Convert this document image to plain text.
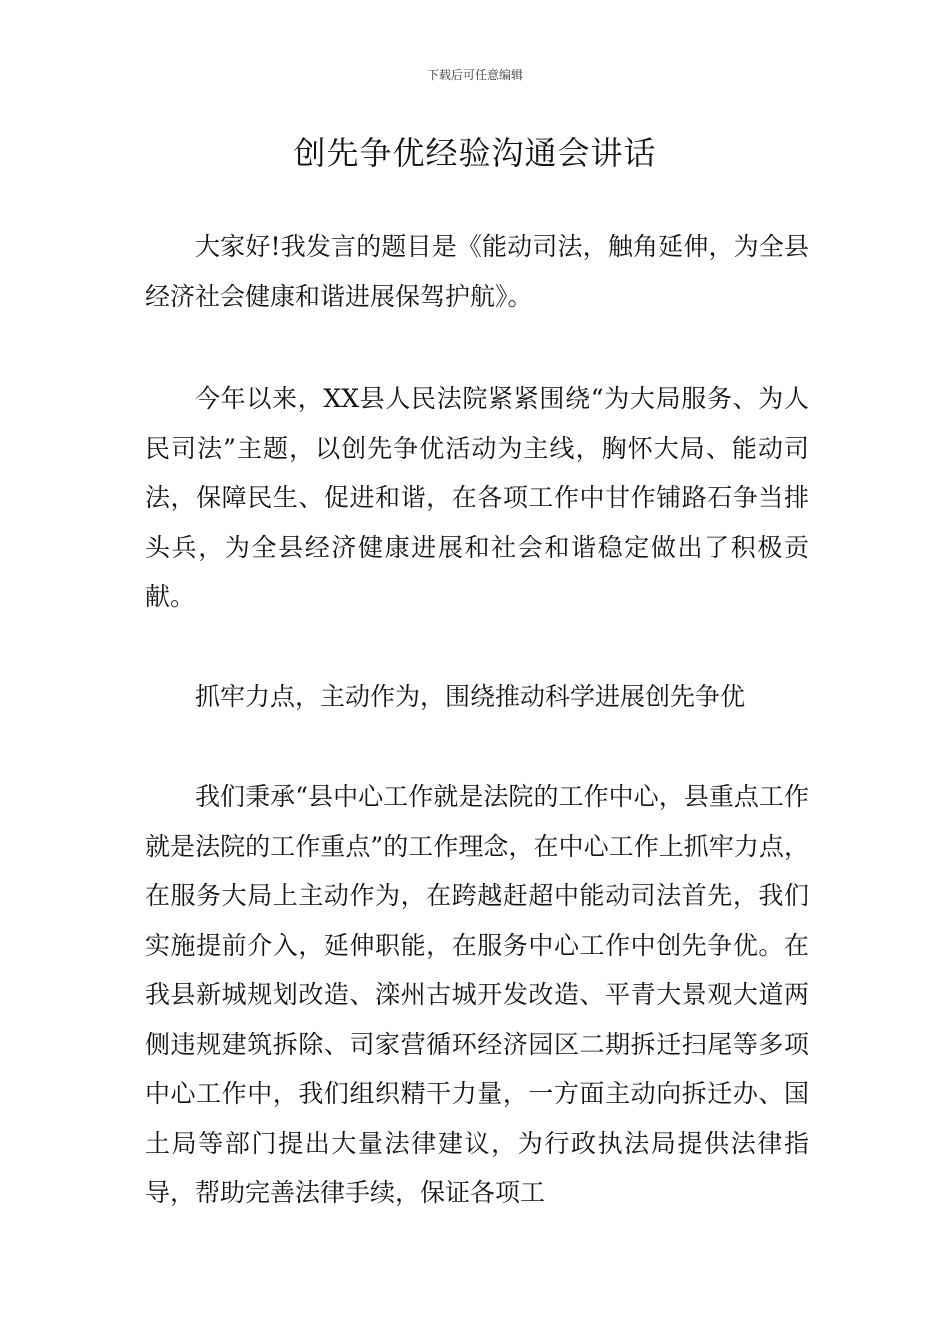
下载后可任意编辑
创先争优经验沟通会讲话

大家好!我发言的题目是《能动司法，触角延伸，为全县经济社会健康和谐进展保驾护航》。

今年以来，XX县人民法院紧紧围绕“为大局服务、为人民司法”主题，以创先争优活动为主线，胸怀大局、能动司法，保障民生、促进和谐，在各项工作中甘作铺路石争当排头兵，为全县经济健康进展和社会和谐稳定做出了积极贡献。

抓牢力点，主动作为，围绕推动科学进展创先争优

我们秉承“县中心工作就是法院的工作中心，县重点工作就是法院的工作重点”的工作理念，在中心工作上抓牢力点，在服务大局上主动作为，在跨越赶超中能动司法首先，我们实施提前介入，延伸职能，在服务中心工作中创先争优。在我县新城规划改造、滦州古城开发改造、平青大景观大道两侧违规建筑拆除、司家营循环经济园区二期拆迁扫尾等多项中心工作中，我们组织精干力量，一方面主动向拆迁办、国土局等部门提出大量法律建议，为行政执法局提供法律指导，帮助完善法律手续，保证各项工
